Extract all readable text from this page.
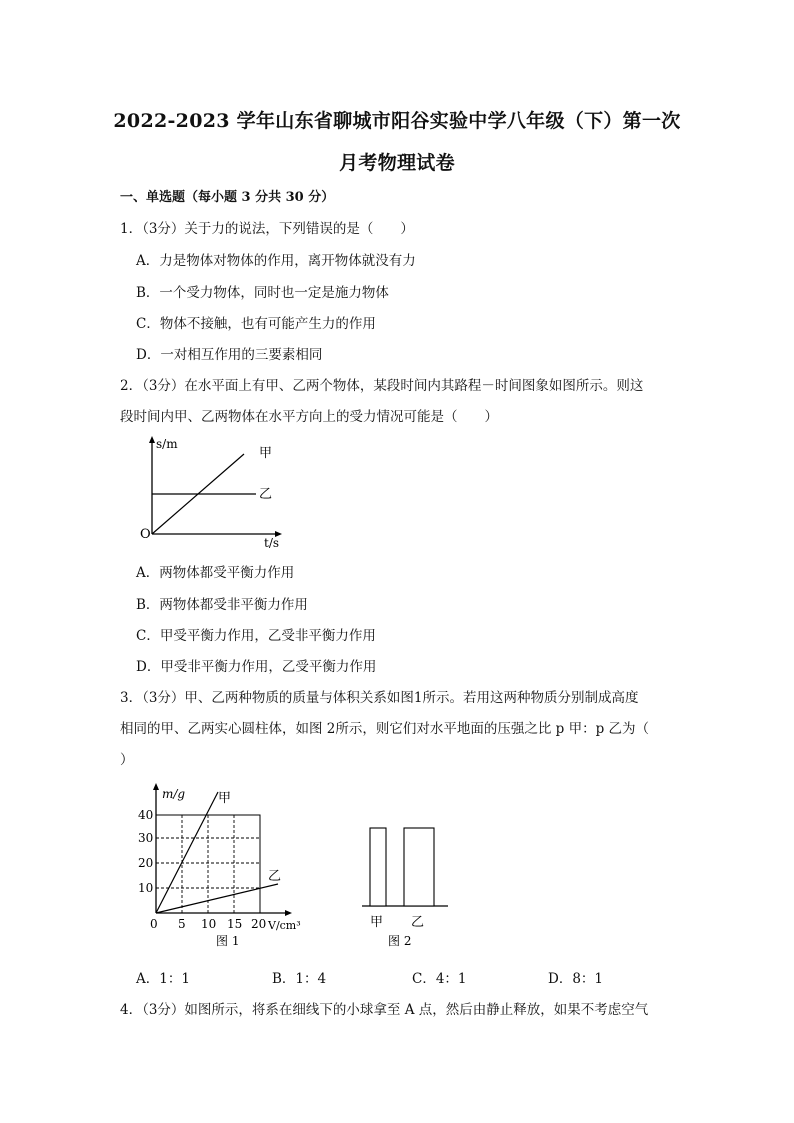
2022-2023 学年山东省聊城市阳谷实验中学八年级（下）第一次
月考物理试卷
一、单选题（每小题 3 分共 30 分）
1．（3分）关于力的说法，下列错误的是（　　）
A．力是物体对物体的作用，离开物体就没有力
B．一个受力物体，同时也一定是施力物体
C．物体不接触，也有可能产生力的作用
D．一对相互作用的三要素相同
2．（3分）在水平面上有甲、乙两个物体，某段时间内其路程－时间图象如图所示。则这
段时间内甲、乙两物体在水平方向上的受力情况可能是（　　）
s/m
t/s
O
甲
乙
A．两物体都受平衡力作用
B．两物体都受非平衡力作用
C．甲受平衡力作用，乙受非平衡力作用
D．甲受非平衡力作用，乙受平衡力作用
3．（3分）甲、乙两种物质的质量与体积关系如图1所示。若用这两种物质分别制成高度
相同的甲、乙两实心圆柱体，如图 2所示，则它们对水平地面的压强之比 p 甲：p 乙为（
）
m/g
V/cm³
甲
乙
10
20
30
40
0 5 10 15 20
图 1
甲 乙
图 2
A．1：1	B．1：4	C．4：1	D．8：1
4．（3分）如图所示，将系在细线下的小球拿至 A 点，然后由静止释放，如果不考虑空气
